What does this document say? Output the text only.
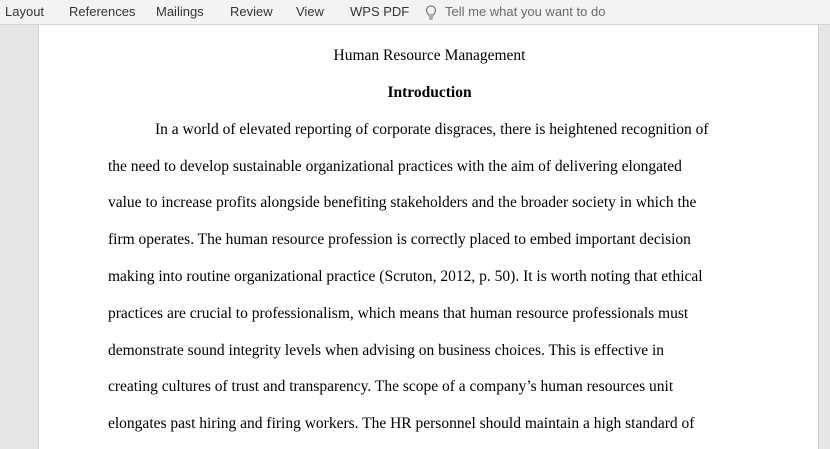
Layout References Mailings Review View WPS PDF	Tell me what you want to do
Human Resource Management
Introduction
In a world of elevated reporting of corporate disgraces, there is heightened recognition of
the need to develop sustainable organizational practices with the aim of delivering elongated
value to increase profits alongside benefiting stakeholders and the broader society in which the
firm operates. The human resource profession is correctly placed to embed important decision
making into routine organizational practice (Scruton, 2012, p. 50). It is worth noting that ethical
practices are crucial to professionalism, which means that human resource professionals must
demonstrate sound integrity levels when advising on business choices. This is effective in
creating cultures of trust and transparency. The scope of a company’s human resources unit
elongates past hiring and firing workers. The HR personnel should maintain a high standard of
